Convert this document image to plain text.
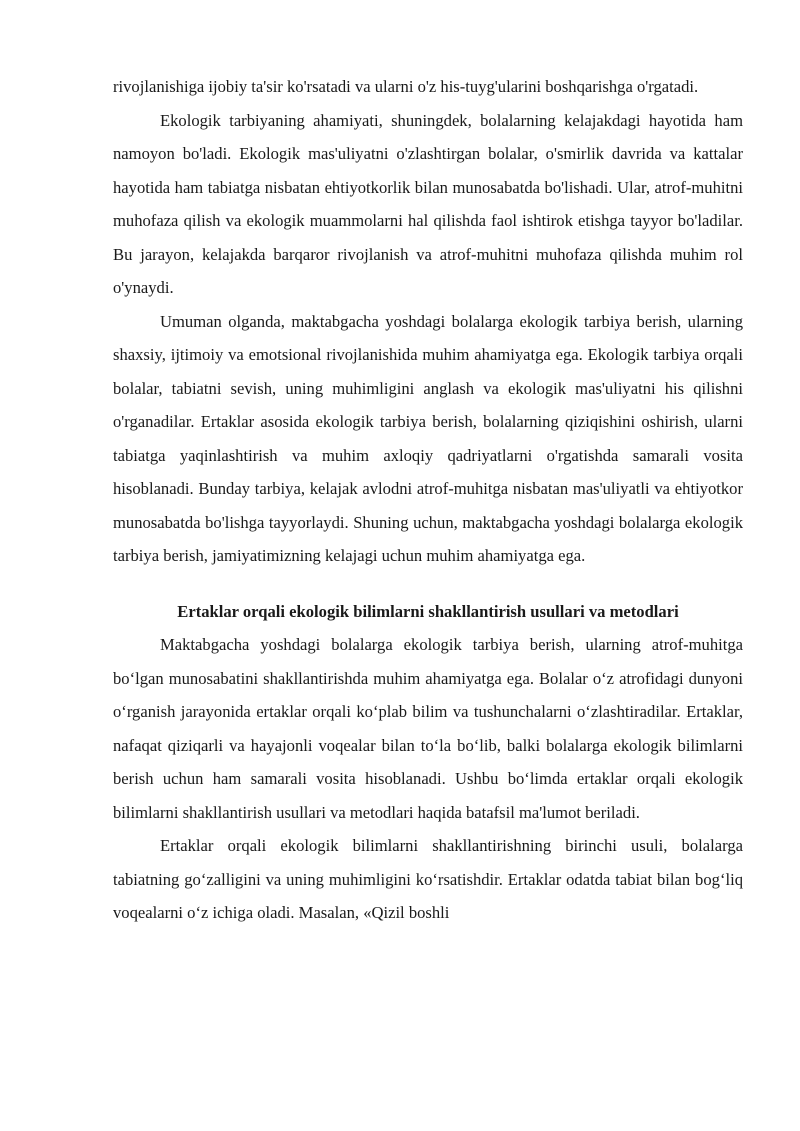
rivojlanishiga ijobiy ta'sir ko'rsatadi va ularni o'z his-tuyg'ularini boshqarishga o'rgatadi.

Ekologik tarbiyaning ahamiyati, shuningdek, bolalarning kelajakdagi hayotida ham namoyon bo'ladi. Ekologik mas'uliyatni o'zlashtirgan bolalar, o'smirlik davrida va kattalar hayotida ham tabiatga nisbatan ehtiyotkorlik bilan munosabatda bo'lishadi. Ular, atrof-muhitni muhofaza qilish va ekologik muammolarni hal qilishda faol ishtirok etishga tayyor bo'ladilar. Bu jarayon, kelajakda barqaror rivojlanish va atrof-muhitni muhofaza qilishda muhim rol o'ynaydi.

Umuman olganda, maktabgacha yoshdagi bolalarga ekologik tarbiya berish, ularning shaxsiy, ijtimoiy va emotsional rivojlanishida muhim ahamiyatga ega. Ekologik tarbiya orqali bolalar, tabiatni sevish, uning muhimligini anglash va ekologik mas'uliyatni his qilishni o'rganadilar. Ertaklar asosida ekologik tarbiya berish, bolalarning qiziqishini oshirish, ularni tabiatga yaqinlashtirish va muhim axloqiy qadriyatlarni o'rgatishda samarali vosita hisoblanadi. Bunday tarbiya, kelajak avlodni atrof-muhitga nisbatan mas'uliyatli va ehtiyotkor munosabatda bo'lishga tayyorlaydi. Shuning uchun, maktabgacha yoshdagi bolalarga ekologik tarbiya berish, jamiyatimizning kelajagi uchun muhim ahamiyatga ega.

Ertaklar orqali ekologik bilimlarni shakllantirish usullari va metodlari

Maktabgacha yoshdagi bolalarga ekologik tarbiya berish, ularning atrof-muhitga bo‘lgan munosabatini shakllantirishda muhim ahamiyatga ega. Bolalar o‘z atrofidagi dunyoni o‘rganish jarayonida ertaklar orqali ko‘plab bilim va tushunchalarni o‘zlashtiradilar. Ertaklar, nafaqat qiziqarli va hayajonli voqealar bilan to‘la bo‘lib, balki bolalarga ekologik bilimlarni berish uchun ham samarali vosita hisoblanadi. Ushbu bo‘limda ertaklar orqali ekologik bilimlarni shakllantirish usullari va metodlari haqida batafsil ma'lumot beriladi.

Ertaklar orqali ekologik bilimlarni shakllantirishning birinchi usuli, bolalarga tabiatning go‘zalligini va uning muhimligini ko‘rsatishdir. Ertaklar odatda tabiat bilan bog‘liq voqealarni o‘z ichiga oladi. Masalan, «Qizil boshli
